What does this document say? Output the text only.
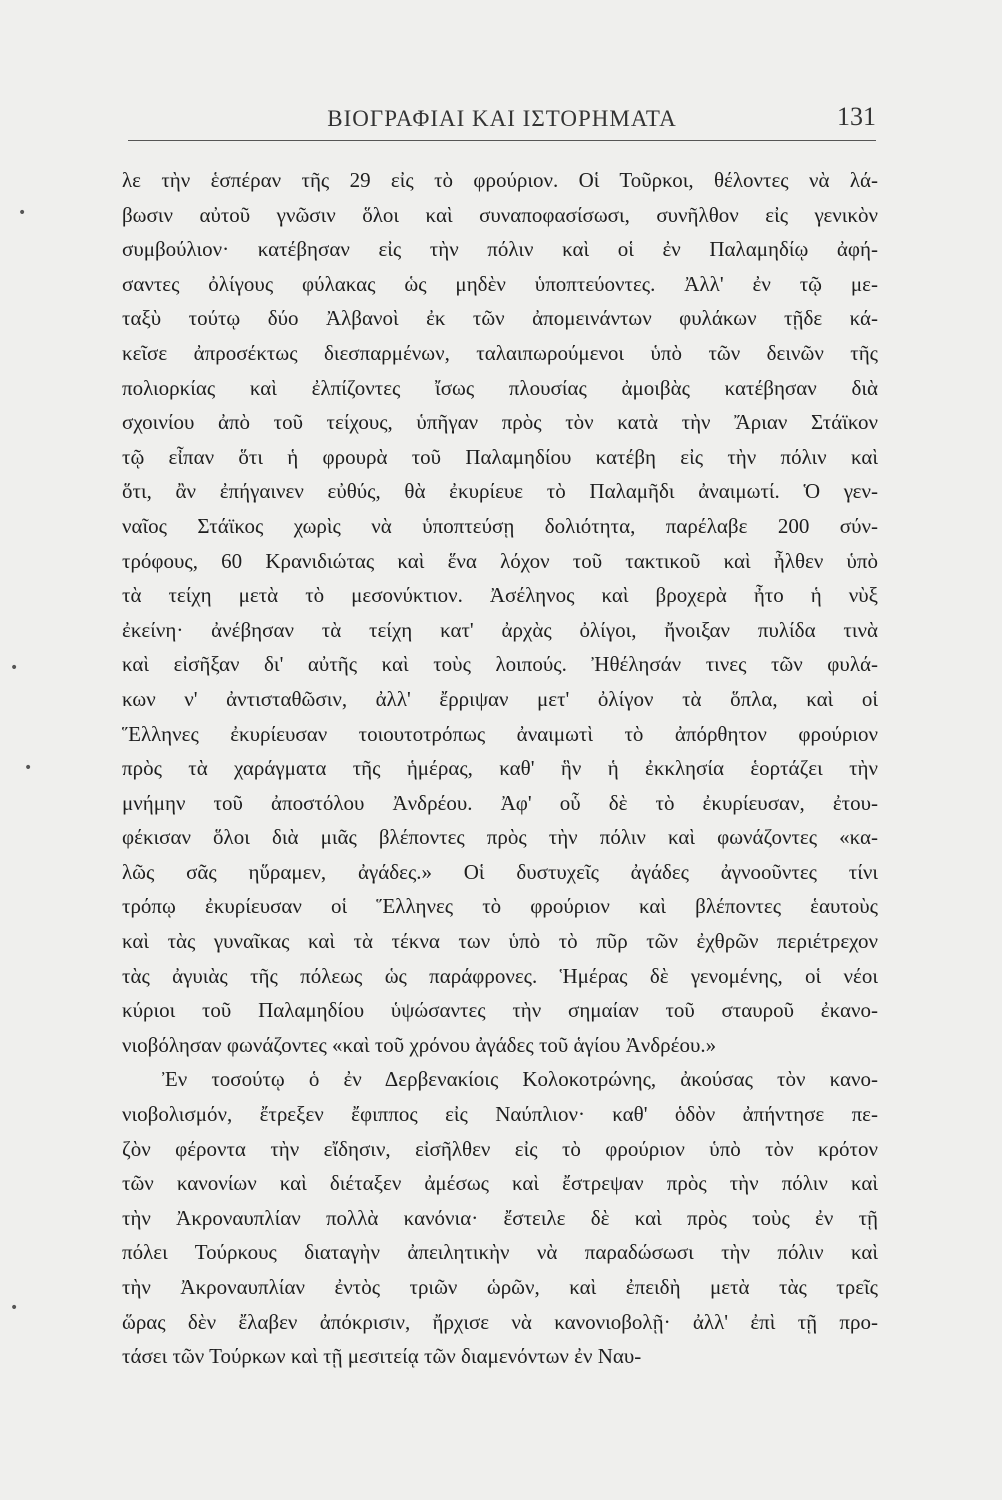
ΒΙΟΓΡΑΦΙΑΙ ΚΑΙ ΙΣΤΟΡΗΜΑΤΑ	131
•
•
•
•
λε τὴν ἑσπέραν τῆς 29 εἰς τὸ φρούριον. Οἱ Τοῦρκοι, θέλοντες νὰ λά-
βωσιν αὐτοῦ γνῶσιν ὅλοι καὶ συναποφασίσωσι, συνῆλθον εἰς γενικὸν
συμβούλιον· κατέβησαν εἰς τὴν πόλιν καὶ οἱ ἐν Παλαμηδίῳ ἀφή-
σαντες ὀλίγους φύλακας ὡς μηδὲν ὑποπτεύοντες. Ἀλλ' ἐν τῷ με-
ταξὺ τούτῳ δύο Ἀλβανοὶ ἐκ τῶν ἀπομεινάντων φυλάκων τῇδε κά-
κεῖσε ἀπροσέκτως διεσπαρμένων, ταλαιπωρούμενοι ὑπὸ τῶν δεινῶν τῆς
πολιορκίας καὶ ἐλπίζοντες ἴσως πλουσίας ἀμοιβὰς κατέβησαν διὰ
σχοινίου ἀπὸ τοῦ τείχους, ὑπῆγαν πρὸς τὸν κατὰ τὴν Ἄριαν Στάϊκον
τῷ εἶπαν ὅτι ἡ φρουρὰ τοῦ Παλαμηδίου κατέβη εἰς τὴν πόλιν καὶ
ὅτι, ἂν ἐπήγαινεν εὐθύς, θὰ ἐκυρίευε τὸ Παλαμῆδι ἀναιμωτί. Ὁ γεν-
ναῖος Στάϊκος χωρὶς νὰ ὑποπτεύσῃ δολιότητα, παρέλαβε 200 σύν-
τρόφους, 60 Κρανιδιώτας καὶ ἕνα λόχον τοῦ τακτικοῦ καὶ ἦλθεν ὑπὸ
τὰ τείχη μετὰ τὸ μεσονύκτιον. Ἀσέληνος καὶ βροχερὰ ἦτο ἡ νὺξ
ἐκείνη· ἀνέβησαν τὰ τείχη κατ' ἀρχὰς ὀλίγοι, ἤνοιξαν πυλίδα τινὰ
καὶ εἰσῆξαν δι' αὐτῆς καὶ τοὺς λοιπούς. Ἠθέλησάν τινες τῶν φυλά-
κων ν' ἀντισταθῶσιν, ἀλλ' ἔρριψαν μετ' ὀλίγον τὰ ὅπλα, καὶ οἱ
Ἕλληνες ἐκυρίευσαν τοιουτοτρόπως ἀναιμωτὶ τὸ ἀπόρθητον φρούριον
πρὸς τὰ χαράγματα τῆς ἡμέρας, καθ' ἣν ἡ ἐκκλησία ἑορτάζει τὴν
μνήμην τοῦ ἀποστόλου Ἀνδρέου. Ἀφ' οὗ δὲ τὸ ἐκυρίευσαν, ἐτου-
φέκισαν ὅλοι διὰ μιᾶς βλέποντες πρὸς τὴν πόλιν καὶ φωνάζοντες «κα-
λῶς σᾶς ηὕραμεν, ἀγάδες.» Οἱ δυστυχεῖς ἀγάδες ἀγνοοῦντες τίνι
τρόπῳ ἐκυρίευσαν οἱ Ἕλληνες τὸ φρούριον καὶ βλέποντες ἑαυτοὺς
καὶ τὰς γυναῖκας καὶ τὰ τέκνα των ὑπὸ τὸ πῦρ τῶν ἐχθρῶν περιέτρεχον
τὰς ἀγυιὰς τῆς πόλεως ὡς παράφρονες. Ἡμέρας δὲ γενομένης, οἱ νέοι
κύριοι τοῦ Παλαμηδίου ὑψώσαντες τὴν σημαίαν τοῦ σταυροῦ ἐκανο-
νιοβόλησαν φωνάζοντες «καὶ τοῦ χρόνου ἀγάδες τοῦ ἁγίου Ἀνδρέου.»
Ἐν τοσούτῳ ὁ ἐν Δερβενακίοις Κολοκοτρώνης, ἀκούσας τὸν κανο-
νιοβολισμόν, ἔτρεξεν ἔφιππος εἰς Ναύπλιον· καθ' ὁδὸν ἀπήντησε πε-
ζὸν φέροντα τὴν εἴδησιν, εἰσῆλθεν εἰς τὸ φρούριον ὑπὸ τὸν κρότον
τῶν κανονίων καὶ διέταξεν ἀμέσως καὶ ἔστρεψαν πρὸς τὴν πόλιν καὶ
τὴν Ἀκροναυπλίαν πολλὰ κανόνια· ἔστειλε δὲ καὶ πρὸς τοὺς ἐν τῇ
πόλει Τούρκους διαταγὴν ἀπειλητικὴν νὰ παραδώσωσι τὴν πόλιν καὶ
τὴν Ἀκροναυπλίαν ἐντὸς τριῶν ὡρῶν, καὶ ἐπειδὴ μετὰ τὰς τρεῖς
ὥρας δὲν ἔλαβεν ἀπόκρισιν, ἤρχισε νὰ κανονιοβολῇ· ἀλλ' ἐπὶ τῇ προ-
τάσει τῶν Τούρκων καὶ τῇ μεσιτείᾳ τῶν διαμενόντων ἐν Ναυ-
